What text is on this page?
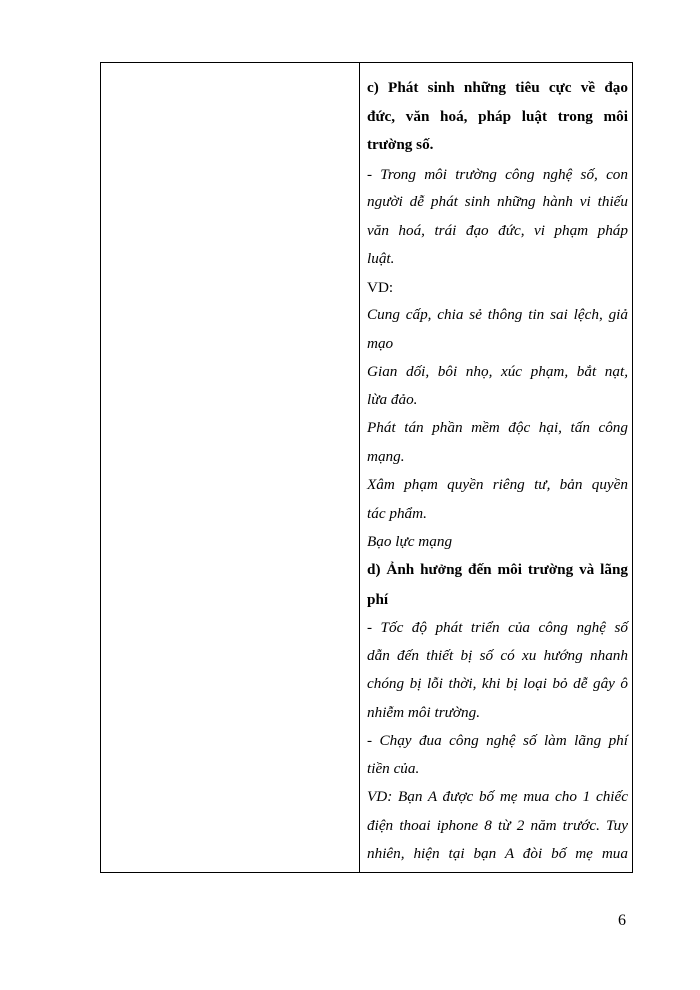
c) Phát sinh những tiêu cực về đạo
đức, văn hoá, pháp luật trong môi
trường số.
- Trong môi trường công nghệ số, con
người dễ phát sinh những hành vi thiếu
văn hoá, trái đạo đức, vi phạm pháp
luật.
VD:
Cung cấp, chia sẻ thông tin sai lệch, giả
mạo
Gian dối, bôi nhọ, xúc phạm, bắt nạt,
lừa đảo.
Phát tán phần mềm độc hại, tấn công
mạng.
Xâm phạm quyền riêng tư, bản quyền
tác phẩm.
Bạo lực mạng
d) Ảnh hưởng đến môi trường và lãng
phí
- Tốc độ phát triển của công nghệ số
dẫn đến thiết bị số có xu hướng nhanh
chóng bị lỗi thời, khi bị loại bỏ dễ gây ô
nhiễm môi trường.
- Chạy đua công nghệ số làm lãng phí
tiền của.
VD: Bạn A được bố mẹ mua cho 1 chiếc
điện thoai iphone 8 từ 2 năm trước. Tuy
nhiên, hiện tại bạn A đòi bố mẹ mua
6
